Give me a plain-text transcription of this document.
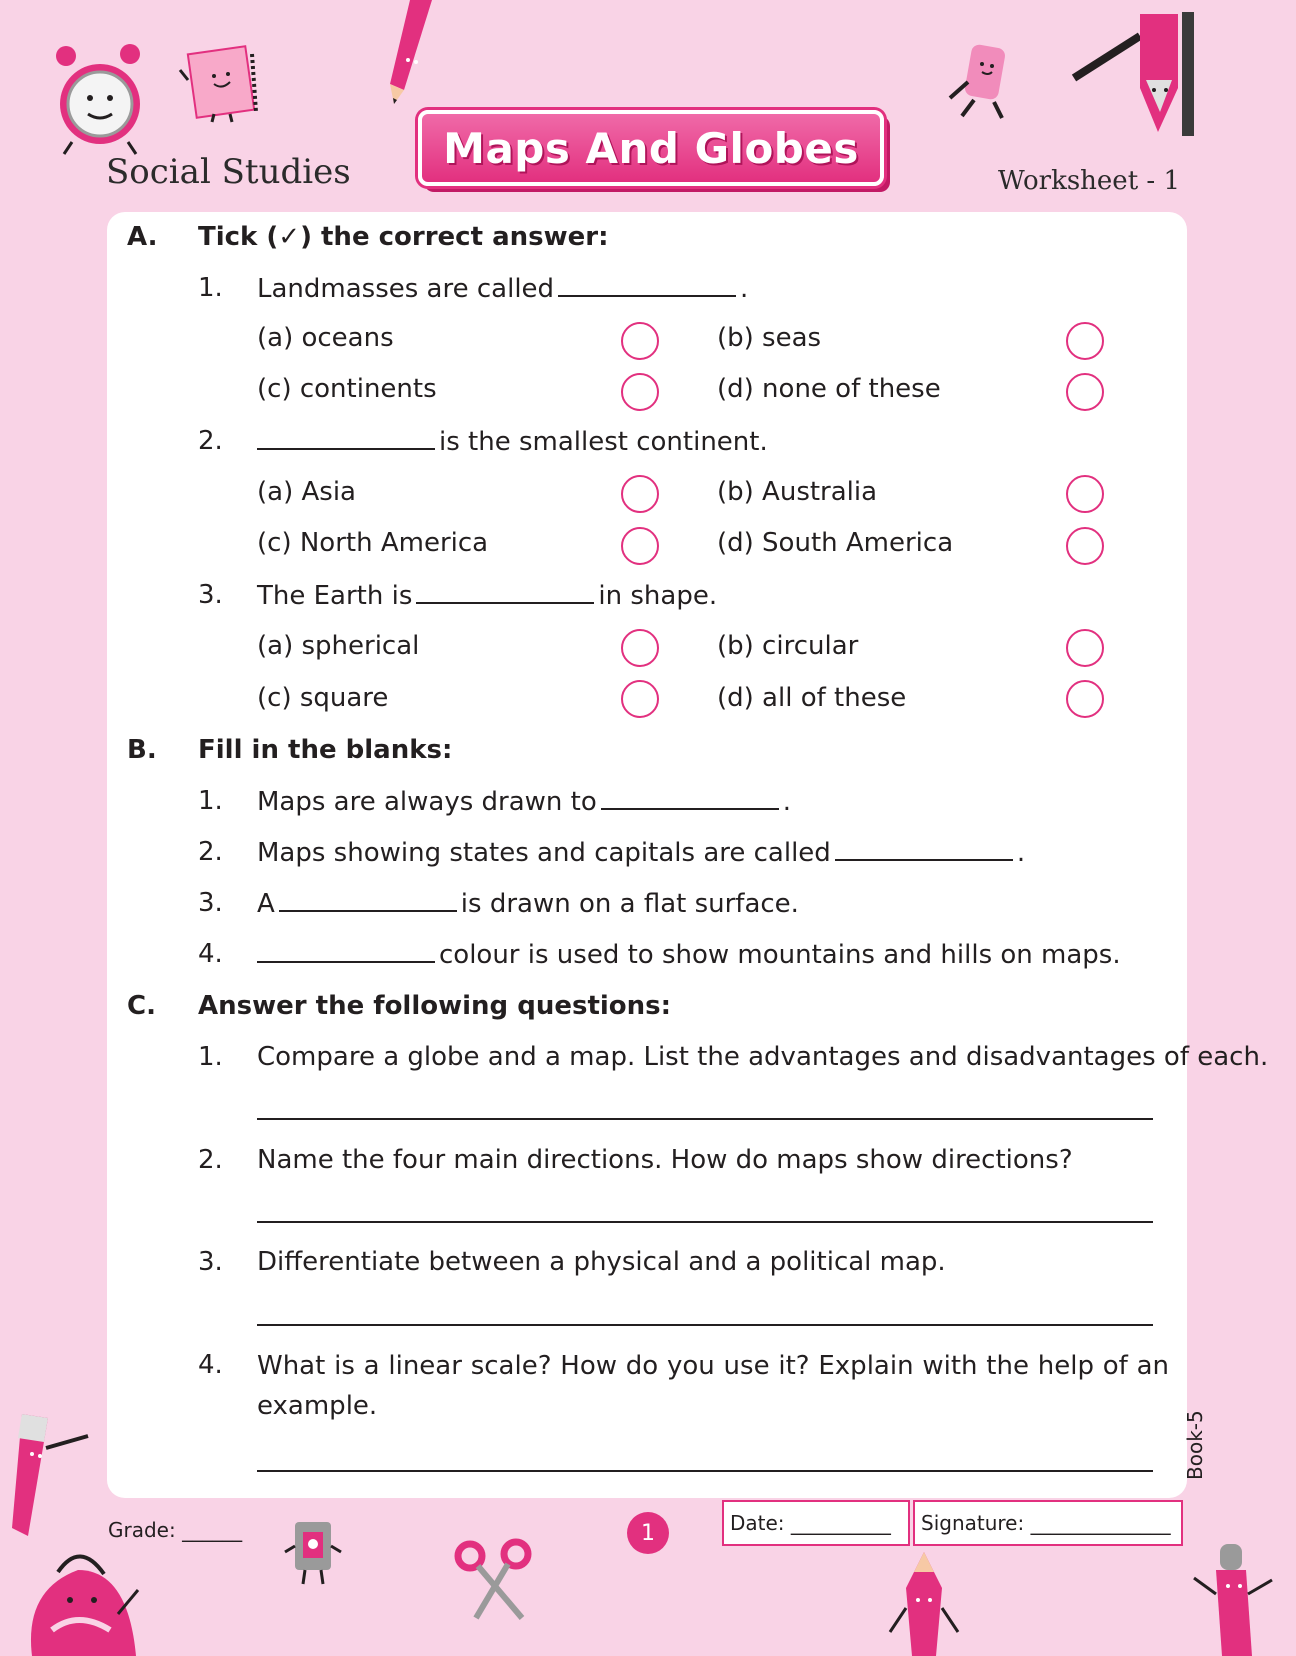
Social Studies Maps And Globes
Worksheet - 1
A. Tick (✓) the correct answer:
1. Landmasses are called	.
(a) oceans	(b) seas
(c) continents	(d) none of these
2.	is the smallest continent.
(a) Asia	(b) Australia
(c) North America	(d) South America
3. The Earth is	in shape.
(a) spherical	(b) circular
(c) square	(d) all of these
B. Fill in the blanks:
1. Maps are always drawn to	.
2. Maps showing states and capitals are called	.
3. A	is drawn on a flat surface.
4.	colour is used to show mountains and hills on maps.
C. Answer the following questions:
1. Compare a globe and a map. List the advantages and disadvantages of each.
2. Name the four main directions. How do maps show directions?
3. Differentiate between a physical and a political map.
4. What is a linear scale? How do you use it? Explain with the help of an example.
Book-5
Grade: ______	1	Date: __________ Signature: ______________
